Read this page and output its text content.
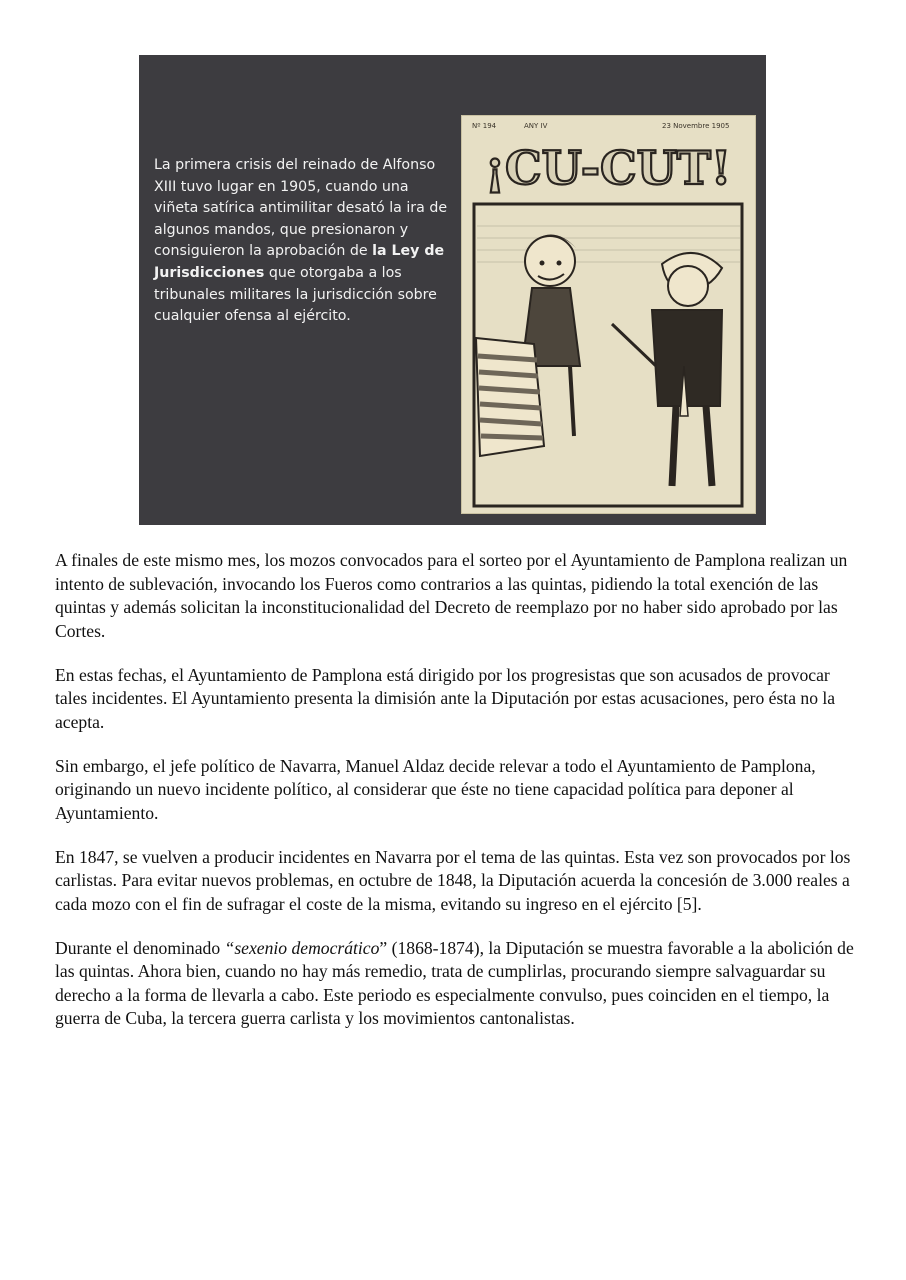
La primera crisis del reinado de Alfonso XIII tuvo lugar en 1905, cuando una viñeta satírica antimilitar desató la ira de algunos mandos, que presionaron y consiguieron la aprobación de la Ley de Jurisdicciones que otorgaba a los tribunales militares la jurisdicción sobre cualquier ofensa al ejército.
Nº 194	ANY IV	23 Novembre 1905
¡CU-CUT!

A finales de este mismo mes, los mozos convocados para el sorteo por el Ayuntamiento de Pamplona realizan un intento de sublevación, invocando los Fueros como contrarios a las quintas, pidiendo la total exención de las quintas y además solicitan la inconstitucionalidad del Decreto de reemplazo por no haber sido aprobado por las Cortes.

En estas fechas, el Ayuntamiento de Pamplona está dirigido por los progresistas que son acusados de provocar tales incidentes. El Ayuntamiento presenta la dimisión ante la Diputación por estas acusaciones, pero ésta no la acepta.

Sin embargo, el jefe político de Navarra, Manuel Aldaz decide relevar a todo el Ayuntamiento de Pamplona, originando un nuevo incidente político, al considerar que éste no tiene capacidad política para deponer al Ayuntamiento.

En 1847, se vuelven a producir incidentes en Navarra por el tema de las quintas. Esta vez son provocados por los carlistas. Para evitar nuevos problemas, en octubre de 1848, la Diputación acuerda la concesión de 3.000 reales a cada mozo con el fin de sufragar el coste de la misma, evitando su ingreso en el ejército [5].

Durante el denominado “sexenio democrático” (1868-1874), la Diputación se muestra favorable a la abolición de las quintas. Ahora bien, cuando no hay más remedio, trata de cumplirlas, procurando siempre salvaguardar su derecho a la forma de llevarla a cabo. Este periodo es especialmente convulso, pues coinciden en el tiempo, la guerra de Cuba, la tercera guerra carlista y los movimientos cantonalistas.
